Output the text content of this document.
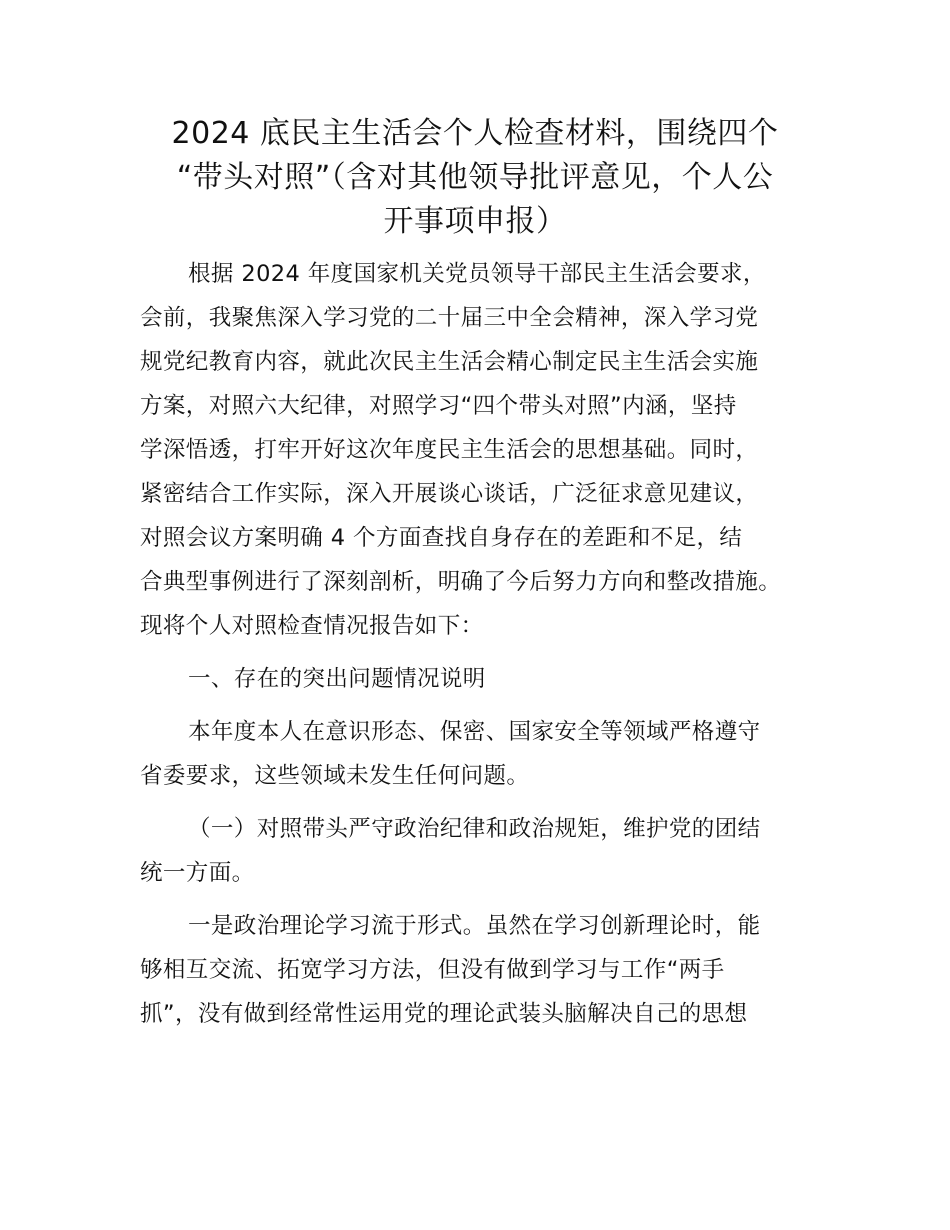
2024 底民主生活会个人检查材料，围绕四个
“带头对照”（含对其他领导批评意见，个人公
开事项申报）
根据 2024 年度国家机关党员领导干部民主生活会要求，
会前，我聚焦深入学习党的二十届三中全会精神，深入学习党
规党纪教育内容，就此次民主生活会精心制定民主生活会实施
方案，对照六大纪律，对照学习“四个带头对照”内涵，坚持
学深悟透，打牢开好这次年度民主生活会的思想基础。同时，
紧密结合工作实际，深入开展谈心谈话，广泛征求意见建议，
对照会议方案明确 4 个方面查找自身存在的差距和不足，结
合典型事例进行了深刻剖析，明确了今后努力方向和整改措施。
现将个人对照检查情况报告如下：
一、存在的突出问题情况说明
本年度本人在意识形态、保密、国家安全等领域严格遵守
省委要求，这些领域未发生任何问题。
（一）对照带头严守政治纪律和政治规矩，维护党的团结
统一方面。
一是政治理论学习流于形式。虽然在学习创新理论时，能
够相互交流、拓宽学习方法，但没有做到学习与工作“两手
抓”，没有做到经常性运用党的理论武装头脑解决自己的思想
